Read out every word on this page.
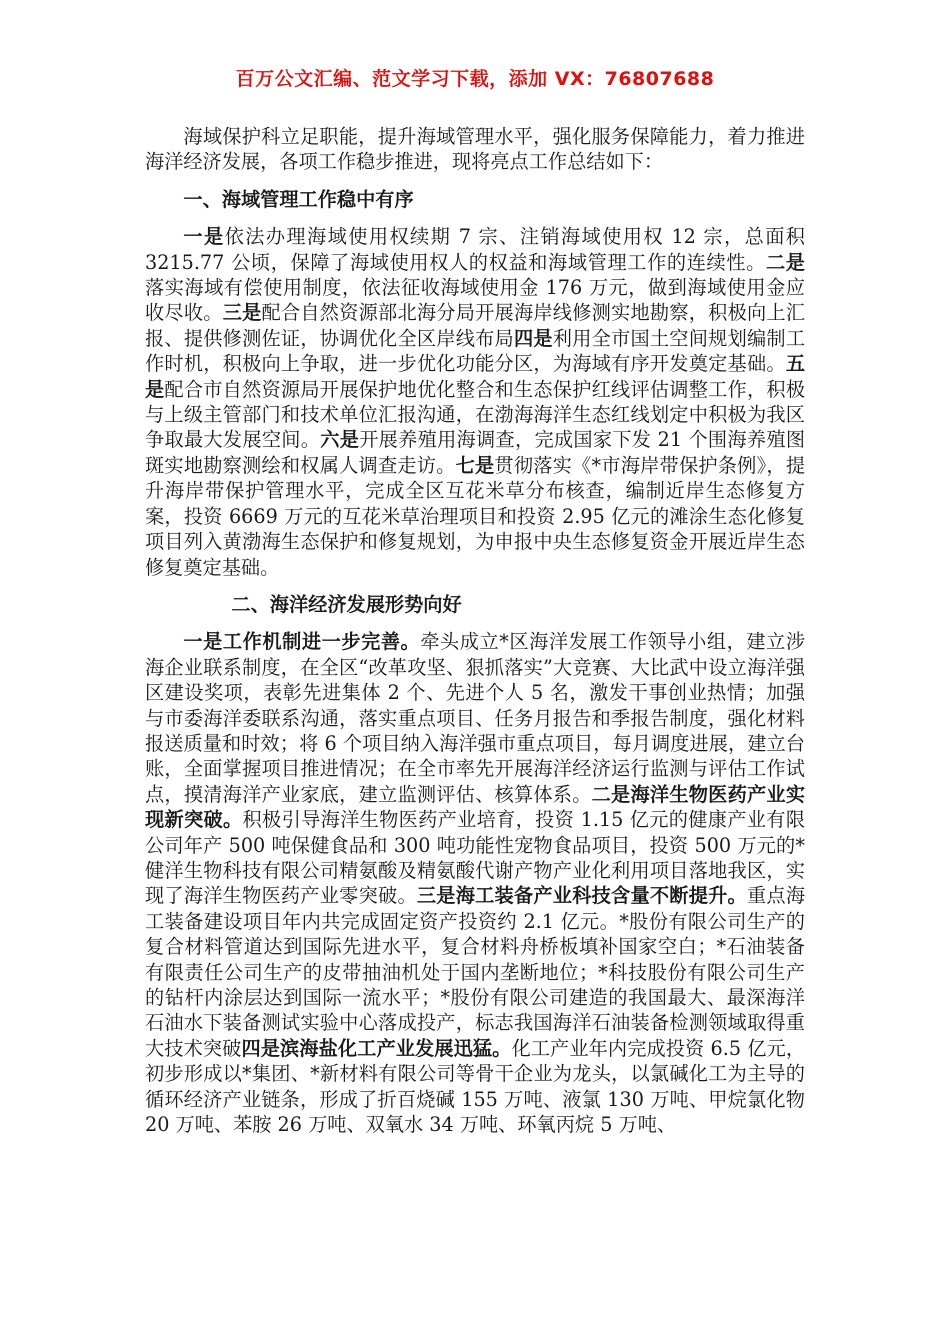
百万公文汇编、范文学习下载，添加 VX：76807688

海域保护科立足职能，提升海域管理水平，强化服务保障能力，着力推进海洋经济发展，各项工作稳步推进，现将亮点工作总结如下：

一、海域管理工作稳中有序

一是依法办理海域使用权续期 7 宗、注销海域使用权 12 宗，总面积 3215.77 公顷，保障了海域使用权人的权益和海域管理工作的连续性。二是落实海域有偿使用制度，依法征收海域使用金 176 万元，做到海域使用金应收尽收。三是配合自然资源部北海分局开展海岸线修测实地勘察，积极向上汇报、提供修测佐证，协调优化全区岸线布局四是利用全市国土空间规划编制工作时机，积极向上争取，进一步优化功能分区，为海域有序开发奠定基础。五是配合市自然资源局开展保护地优化整合和生态保护红线评估调整工作，积极与上级主管部门和技术单位汇报沟通，在渤海海洋生态红线划定中积极为我区争取最大发展空间。六是开展养殖用海调查，完成国家下发 21 个围海养殖图斑实地勘察测绘和权属人调查走访。七是贯彻落实《*市海岸带保护条例》，提升海岸带保护管理水平，完成全区互花米草分布核查，编制近岸生态修复方案，投资 6669 万元的互花米草治理项目和投资 2.95 亿元的滩涂生态化修复项目列入黄渤海生态保护和修复规划，为申报中央生态修复资金开展近岸生态修复奠定基础。

二、海洋经济发展形势向好

一是工作机制进一步完善。牵头成立*区海洋发展工作领导小组，建立涉海企业联系制度，在全区“改革攻坚、狠抓落实”大竞赛、大比武中设立海洋强区建设奖项，表彰先进集体 2 个、先进个人 5 名，激发干事创业热情；加强与市委海洋委联系沟通，落实重点项目、任务月报告和季报告制度，强化材料报送质量和时效；将 6 个项目纳入海洋强市重点项目，每月调度进展，建立台账，全面掌握项目推进情况；在全市率先开展海洋经济运行监测与评估工作试点，摸清海洋产业家底，建立监测评估、核算体系。二是海洋生物医药产业实现新突破。积极引导海洋生物医药产业培育，投资 1.15 亿元的健康产业有限公司年产 500 吨保健食品和 300 吨功能性宠物食品项目，投资 500 万元的*健洋生物科技有限公司精氨酸及精氨酸代谢产物产业化利用项目落地我区，实现了海洋生物医药产业零突破。三是海工装备产业科技含量不断提升。重点海工装备建设项目年内共完成固定资产投资约 2.1 亿元。*股份有限公司生产的复合材料管道达到国际先进水平，复合材料舟桥板填补国家空白；*石油装备有限责任公司生产的皮带抽油机处于国内垄断地位；*科技股份有限公司生产的钻杆内涂层达到国际一流水平；*股份有限公司建造的我国最大、最深海洋石油水下装备测试实验中心落成投产，标志我国海洋石油装备检测领域取得重大技术突破四是滨海盐化工产业发展迅猛。化工产业年内完成投资 6.5 亿元，初步形成以*集团、*新材料有限公司等骨干企业为龙头，以氯碱化工为主导的循环经济产业链条，形成了折百烧碱 155 万吨、液氯 130 万吨、甲烷氯化物 20 万吨、苯胺 26 万吨、双氧水 34 万吨、环氧丙烷 5 万吨、
